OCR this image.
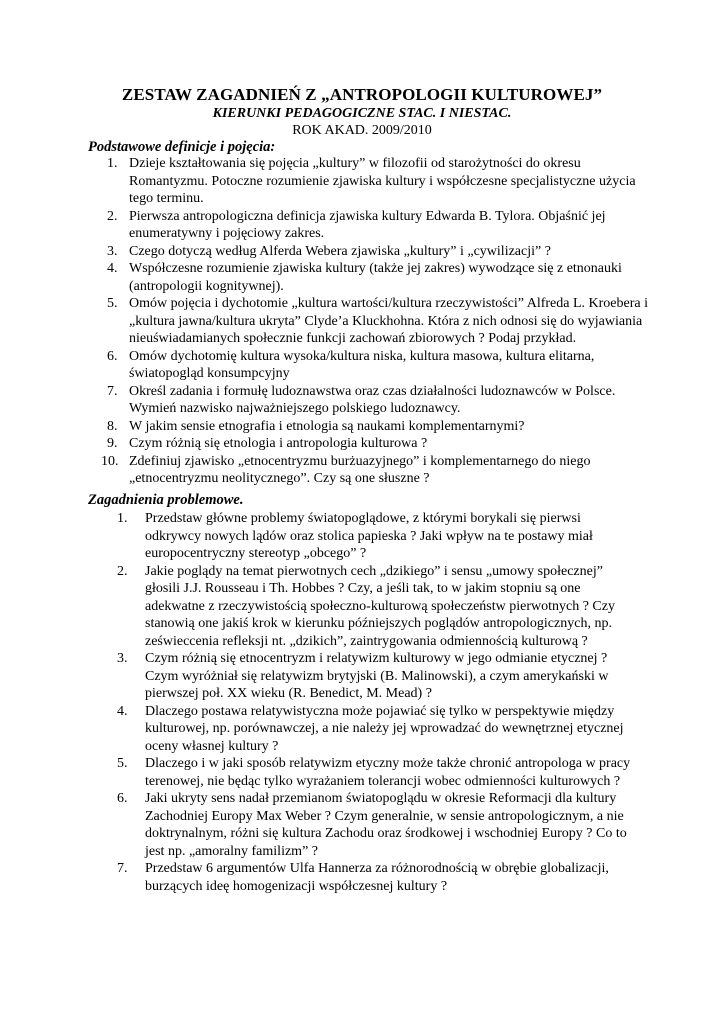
ZESTAW ZAGADNIEŃ Z „ANTROPOLOGII KULTUROWEJ”
KIERUNKI PEDAGOGICZNE STAC. I NIESTAC.
ROK AKAD. 2009/2010
Podstawowe definicje i pojęcia:
1. Dzieje kształtowania się pojęcia „kultury” w filozofii od starożytności do okresu Romantyzmu. Potoczne rozumienie zjawiska kultury i współczesne specjalistyczne użycia tego terminu.
2. Pierwsza antropologiczna definicja zjawiska kultury Edwarda B. Tylora. Objaśnić jej enumeratywny i pojęciowy zakres.
3. Czego dotyczą według Alferda Webera zjawiska „kultury” i „cywilizacji” ?
4. Współczesne rozumienie zjawiska kultury (także jej zakres) wywodzące się z etnonauki (antropologii kognitywnej).
5. Omów pojęcia i dychotomie „kultura wartości/kultura rzeczywistości” Alfreda L. Kroebera i „kultura jawna/kultura ukryta” Clyde’a Kluckhohna. Która z nich odnosi się do wyjawiania nieuświadamianych społecznie funkcji zachowań zbiorowych ? Podaj przykład.
6. Omów dychotomię kultura wysoka/kultura niska, kultura masowa, kultura elitarna, światopogląd konsumpcyjny
7. Określ zadania i formułę ludoznawstwa oraz czas działalności ludoznawców w Polsce. Wymień nazwisko najważniejszego polskiego ludoznawcy.
8. W jakim sensie etnografia i etnologia są naukami komplementarnymi?
9. Czym różnią się etnologia i antropologia kulturowa ?
10. Zdefiniuj zjawisko „etnocentryzmu burżuazyjnego” i komplementarnego do niego „etnocentryzmu neolitycznego”. Czy są one słuszne ?
Zagadnienia problemowe.
1.	Przedstaw główne problemy światopoglądowe, z którymi borykali się pierwsi odkrywcy nowych lądów oraz stolica papieska ? Jaki wpływ na te postawy miał europocentryczny stereotyp „obcego” ?
2.	Jakie poglądy na temat pierwotnych cech „dzikiego” i sensu „umowy społecznej” głosili J.J. Rousseau i Th. Hobbes ? Czy, a jeśli tak, to w jakim stopniu są one adekwatne z rzeczywistością społeczno-kulturową społeczeństw pierwotnych ? Czy stanowią one jakiś krok w kierunku późniejszych poglądów antropologicznych, np. ześwieccenia refleksji nt. „dzikich”, zaintrygowania odmiennością kulturową ?
3.	Czym różnią się etnocentryzm i relatywizm kulturowy w jego odmianie etycznej ? Czym wyróżniał się relatywizm brytyjski (B. Malinowski), a czym amerykański w pierwszej poł. XX wieku (R. Benedict, M. Mead) ?
4.	Dlaczego postawa relatywistyczna może pojawiać się tylko w perspektywie między kulturowej, np. porównawczej, a nie należy jej wprowadzać do wewnętrznej etycznej oceny własnej kultury ?
5.	Dlaczego i w jaki sposób relatywizm etyczny może także chronić antropologa w pracy terenowej, nie będąc tylko wyrażaniem tolerancji wobec odmienności kulturowych ?
6.	Jaki ukryty sens nadał przemianom światopoglądu w okresie Reformacji dla kultury Zachodniej Europy Max Weber ? Czym generalnie, w sensie antropologicznym, a nie doktrynalnym, różni się kultura Zachodu oraz środkowej i wschodniej Europy ? Co to jest np. „amoralny familizm” ?
7.	Przedstaw 6 argumentów Ulfa Hannerza za różnorodnością w obrębie globalizacji, burzących ideę homogenizacji współczesnej kultury ?
